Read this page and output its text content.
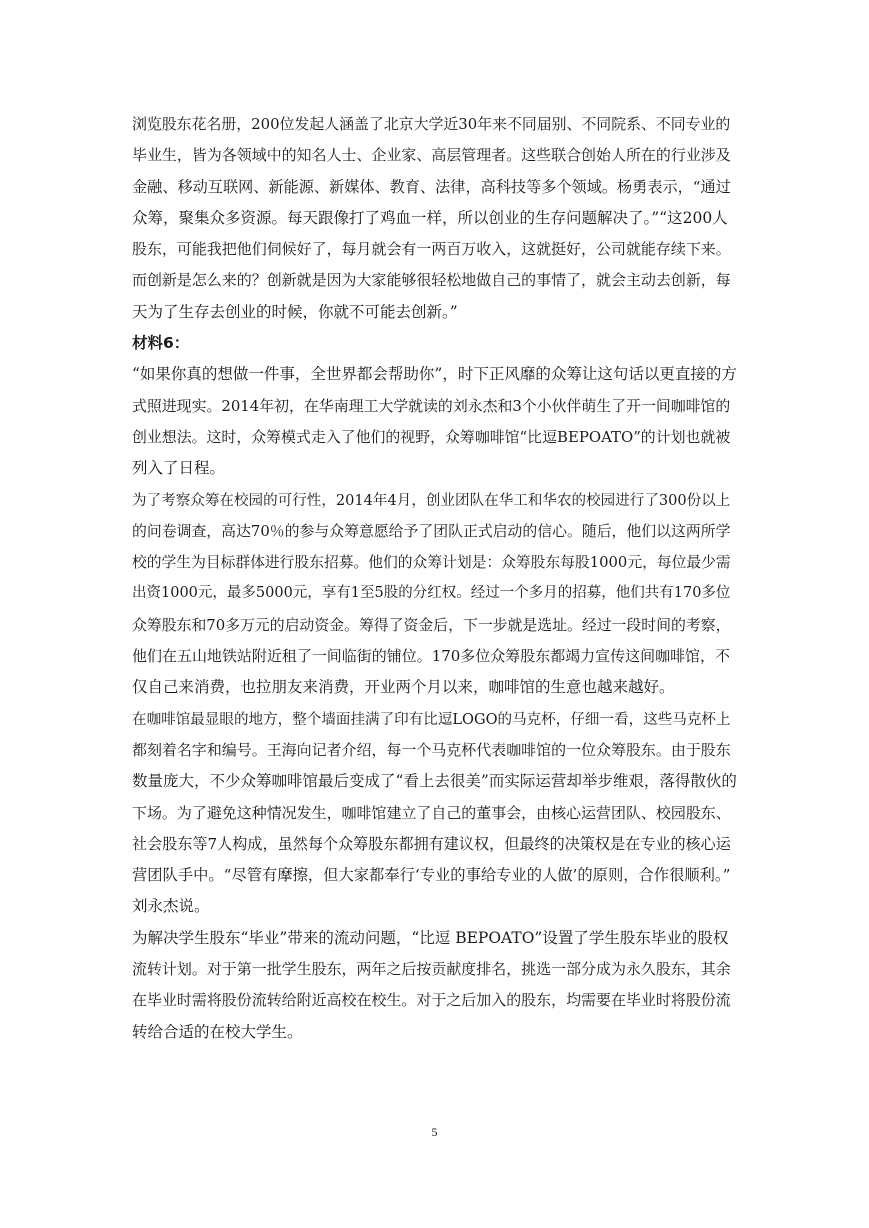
浏览股东花名册，200位发起人涵盖了北京大学近30年来不同届别、不同院系、不同专业的
毕业生，皆为各领域中的知名人士、企业家、高层管理者。这些联合创始人所在的行业涉及
金融、移动互联网、新能源、新媒体、教育、法律，高科技等多个领域。杨勇表示，“通过
众筹，聚集众多资源。每天跟像打了鸡血一样，所以创业的生存问题解决了。”“这200人
股东，可能我把他们伺候好了，每月就会有一两百万收入，这就挺好，公司就能存续下来。
而创新是怎么来的？创新就是因为大家能够很轻松地做自己的事情了，就会主动去创新，每
天为了生存去创业的时候，你就不可能去创新。”
材料6：
“如果你真的想做一件事，全世界都会帮助你”，时下正风靡的众筹让这句话以更直接的方
式照进现实。2014年初，在华南理工大学就读的刘永杰和3个小伙伴萌生了开一间咖啡馆的
创业想法。这时，众筹模式走入了他们的视野，众筹咖啡馆“比逗BEPOATO”的计划也就被
列入了日程。
为了考察众筹在校园的可行性，2014年4月，创业团队在华工和华农的校园进行了300份以上
的问卷调查，高达70％的参与众筹意愿给予了团队正式启动的信心。随后，他们以这两所学
校的学生为目标群体进行股东招募。他们的众筹计划是：众筹股东每股1000元，每位最少需
出资1000元，最多5000元，享有1至5股的分红权。经过一个多月的招募，他们共有170多位
众筹股东和70多万元的启动资金。筹得了资金后，下一步就是选址。经过一段时间的考察，
他们在五山地铁站附近租了一间临街的铺位。170多位众筹股东都竭力宣传这间咖啡馆，不
仅自己来消费，也拉朋友来消费，开业两个月以来，咖啡馆的生意也越来越好。
在咖啡馆最显眼的地方，整个墙面挂满了印有比逗LOGO的马克杯，仔细一看，这些马克杯上
都刻着名字和编号。王海向记者介绍，每一个马克杯代表咖啡馆的一位众筹股东。由于股东
数量庞大，不少众筹咖啡馆最后变成了“看上去很美”而实际运营却举步维艰，落得散伙的
下场。为了避免这种情况发生，咖啡馆建立了自己的董事会，由核心运营团队、校园股东、
社会股东等7人构成，虽然每个众筹股东都拥有建议权，但最终的决策权是在专业的核心运
营团队手中。“尽管有摩擦，但大家都奉行‘专业的事给专业的人做’的原则，合作很顺利。”
刘永杰说。
为解决学生股东“毕业”带来的流动问题，“比逗 BEPOATO”设置了学生股东毕业的股权
流转计划。对于第一批学生股东，两年之后按贡献度排名，挑选一部分成为永久股东，其余
在毕业时需将股份流转给附近高校在校生。对于之后加入的股东，均需要在毕业时将股份流
转给合适的在校大学生。
5
